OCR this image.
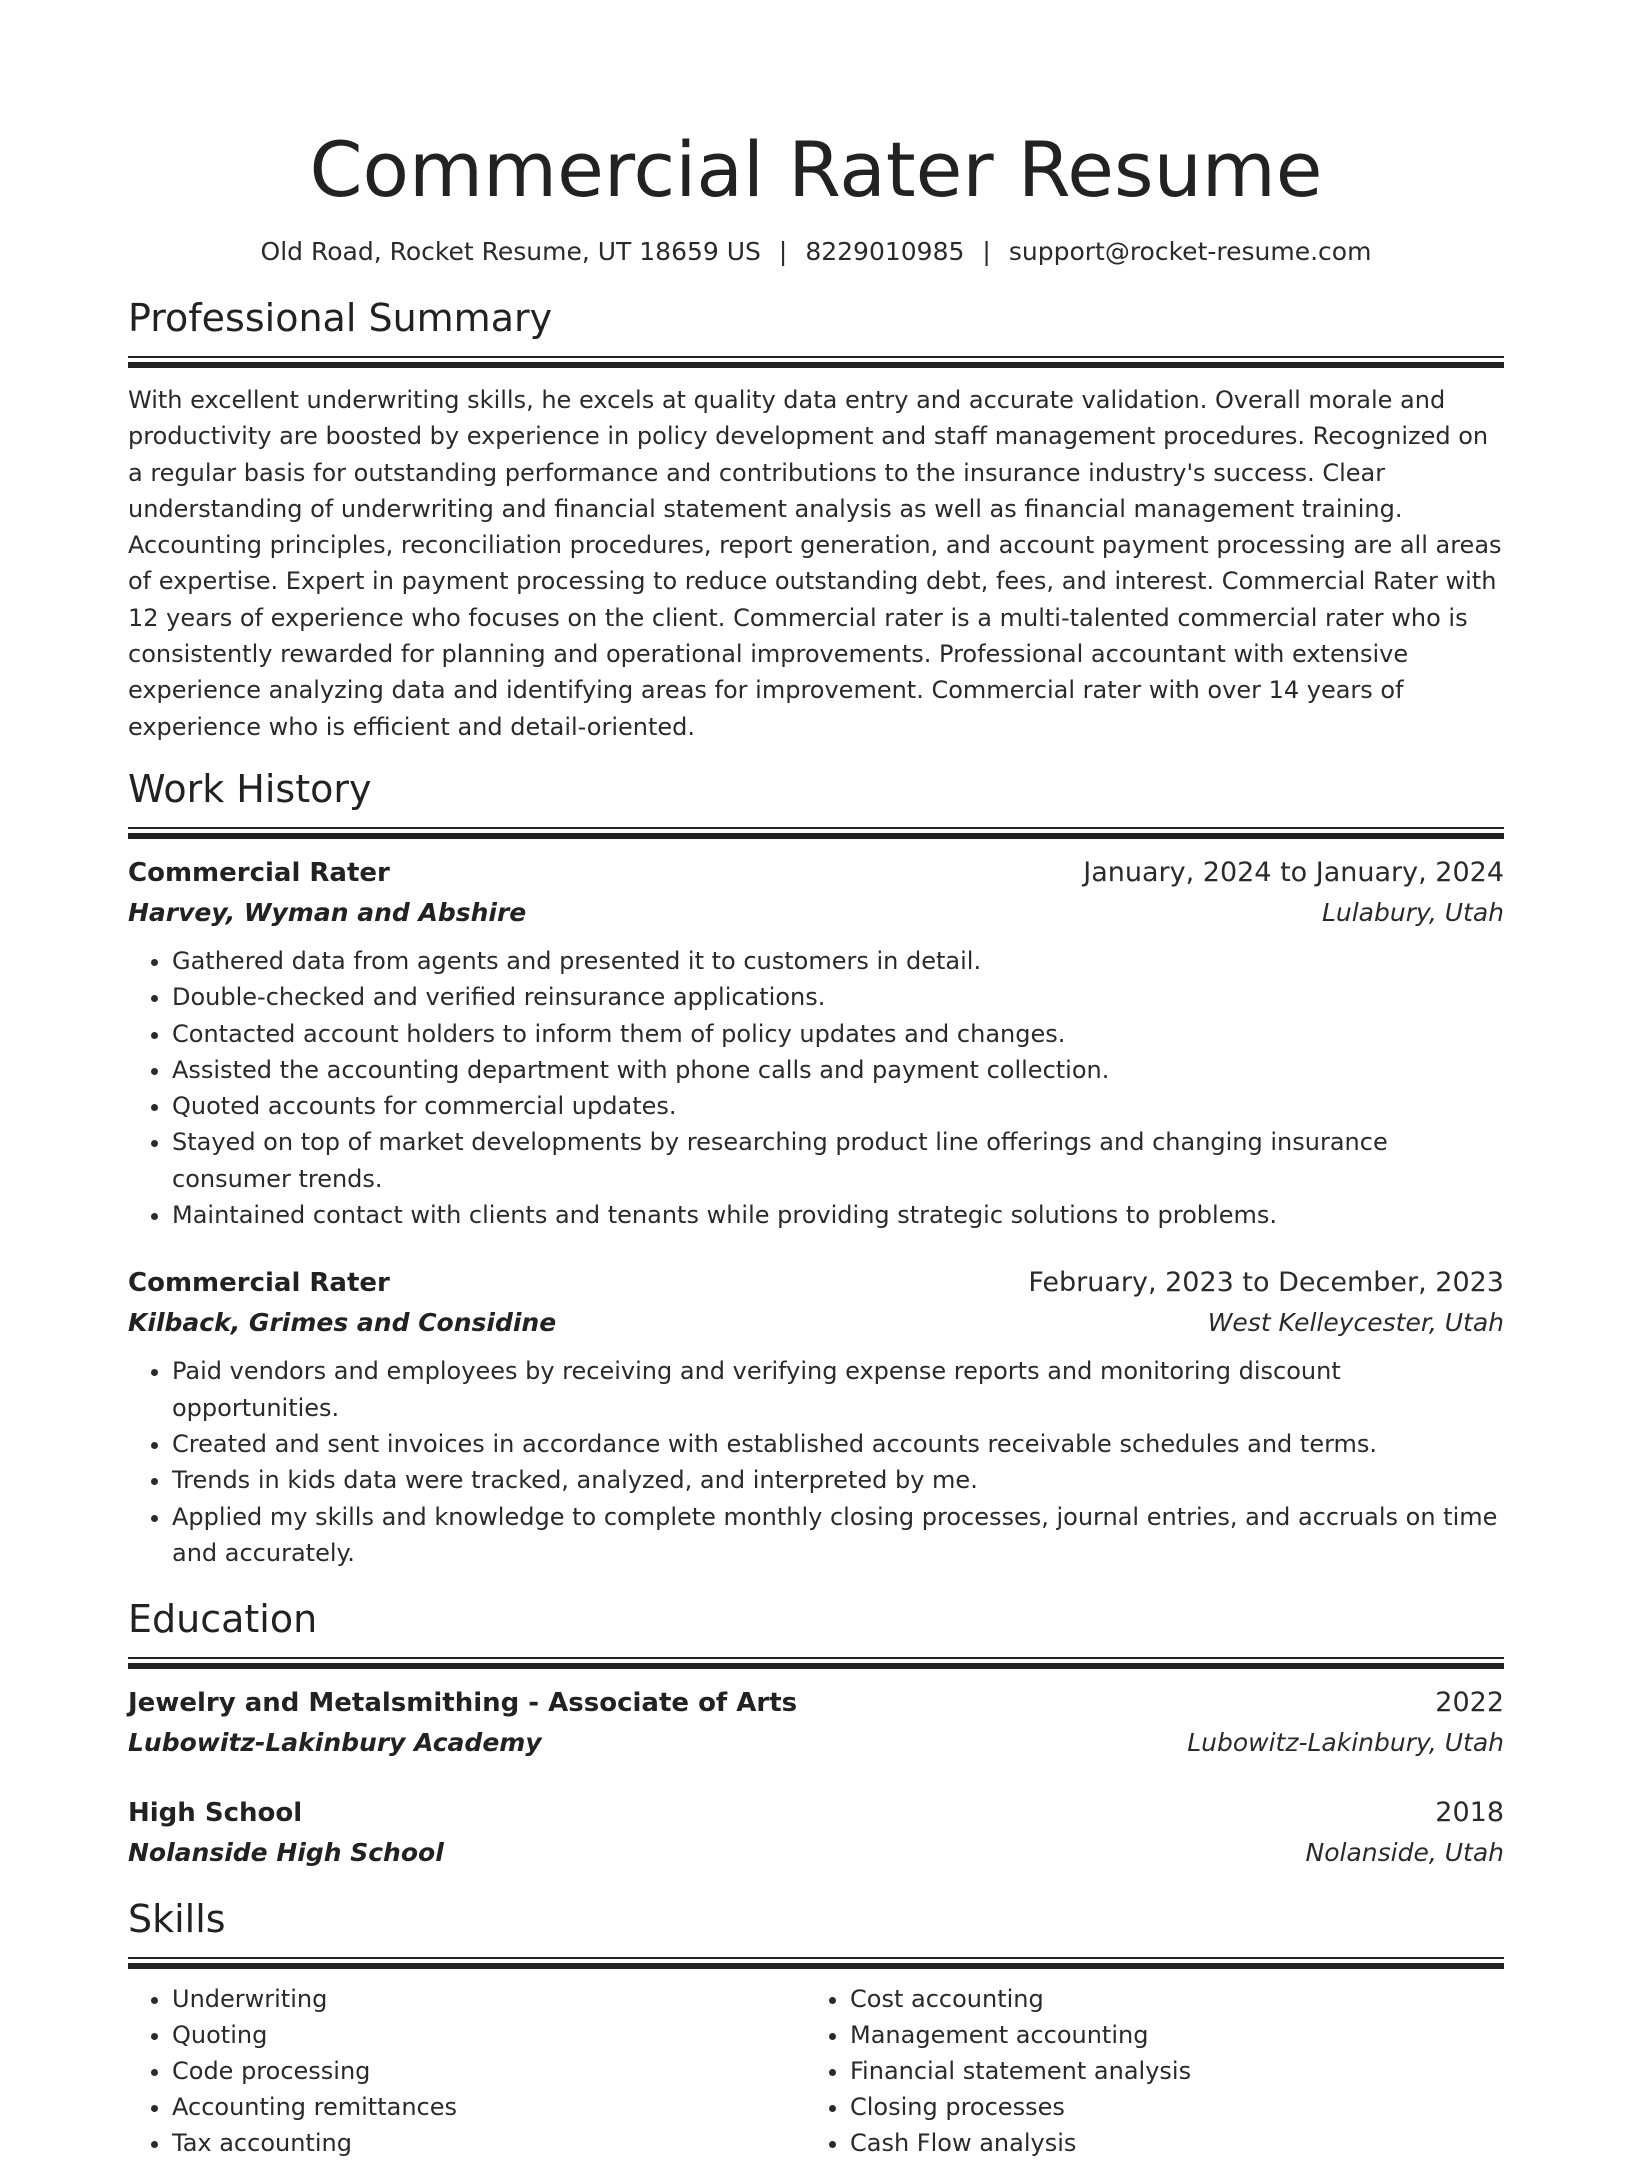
Commercial Rater Resume
Old Road, Rocket Resume, UT 18659 US | 8229010985 | support@rocket-resume.com
Professional Summary
With excellent underwriting skills, he excels at quality data entry and accurate validation. Overall morale and productivity are boosted by experience in policy development and staff management procedures. Recognized on a regular basis for outstanding performance and contributions to the insurance industry's success. Clear understanding of underwriting and financial statement analysis as well as financial management training. Accounting principles, reconciliation procedures, report generation, and account payment processing are all areas of expertise. Expert in payment processing to reduce outstanding debt, fees, and interest. Commercial Rater with 12 years of experience who focuses on the client. Commercial rater is a multi-talented commercial rater who is consistently rewarded for planning and operational improvements. Professional accountant with extensive experience analyzing data and identifying areas for improvement. Commercial rater with over 14 years of experience who is efficient and detail-oriented.
Work History
Commercial Rater	January, 2024 to January, 2024
Harvey, Wyman and Abshire	Lulabury, Utah
• Gathered data from agents and presented it to customers in detail.
• Double-checked and verified reinsurance applications.
• Contacted account holders to inform them of policy updates and changes.
• Assisted the accounting department with phone calls and payment collection.
• Quoted accounts for commercial updates.
• Stayed on top of market developments by researching product line offerings and changing insurance consumer trends.
• Maintained contact with clients and tenants while providing strategic solutions to problems.
Commercial Rater	February, 2023 to December, 2023
Kilback, Grimes and Considine	West Kelleycester, Utah
• Paid vendors and employees by receiving and verifying expense reports and monitoring discount opportunities.
• Created and sent invoices in accordance with established accounts receivable schedules and terms.
• Trends in kids data were tracked, analyzed, and interpreted by me.
• Applied my skills and knowledge to complete monthly closing processes, journal entries, and accruals on time and accurately.
Education
Jewelry and Metalsmithing - Associate of Arts	2022
Lubowitz-Lakinbury Academy	Lubowitz-Lakinbury, Utah
High School	2018
Nolanside High School	Nolanside, Utah
Skills
• Underwriting
• Quoting
• Code processing
• Accounting remittances
• Tax accounting
• Cost accounting
• Management accounting
• Financial statement analysis
• Closing processes
• Cash Flow analysis
